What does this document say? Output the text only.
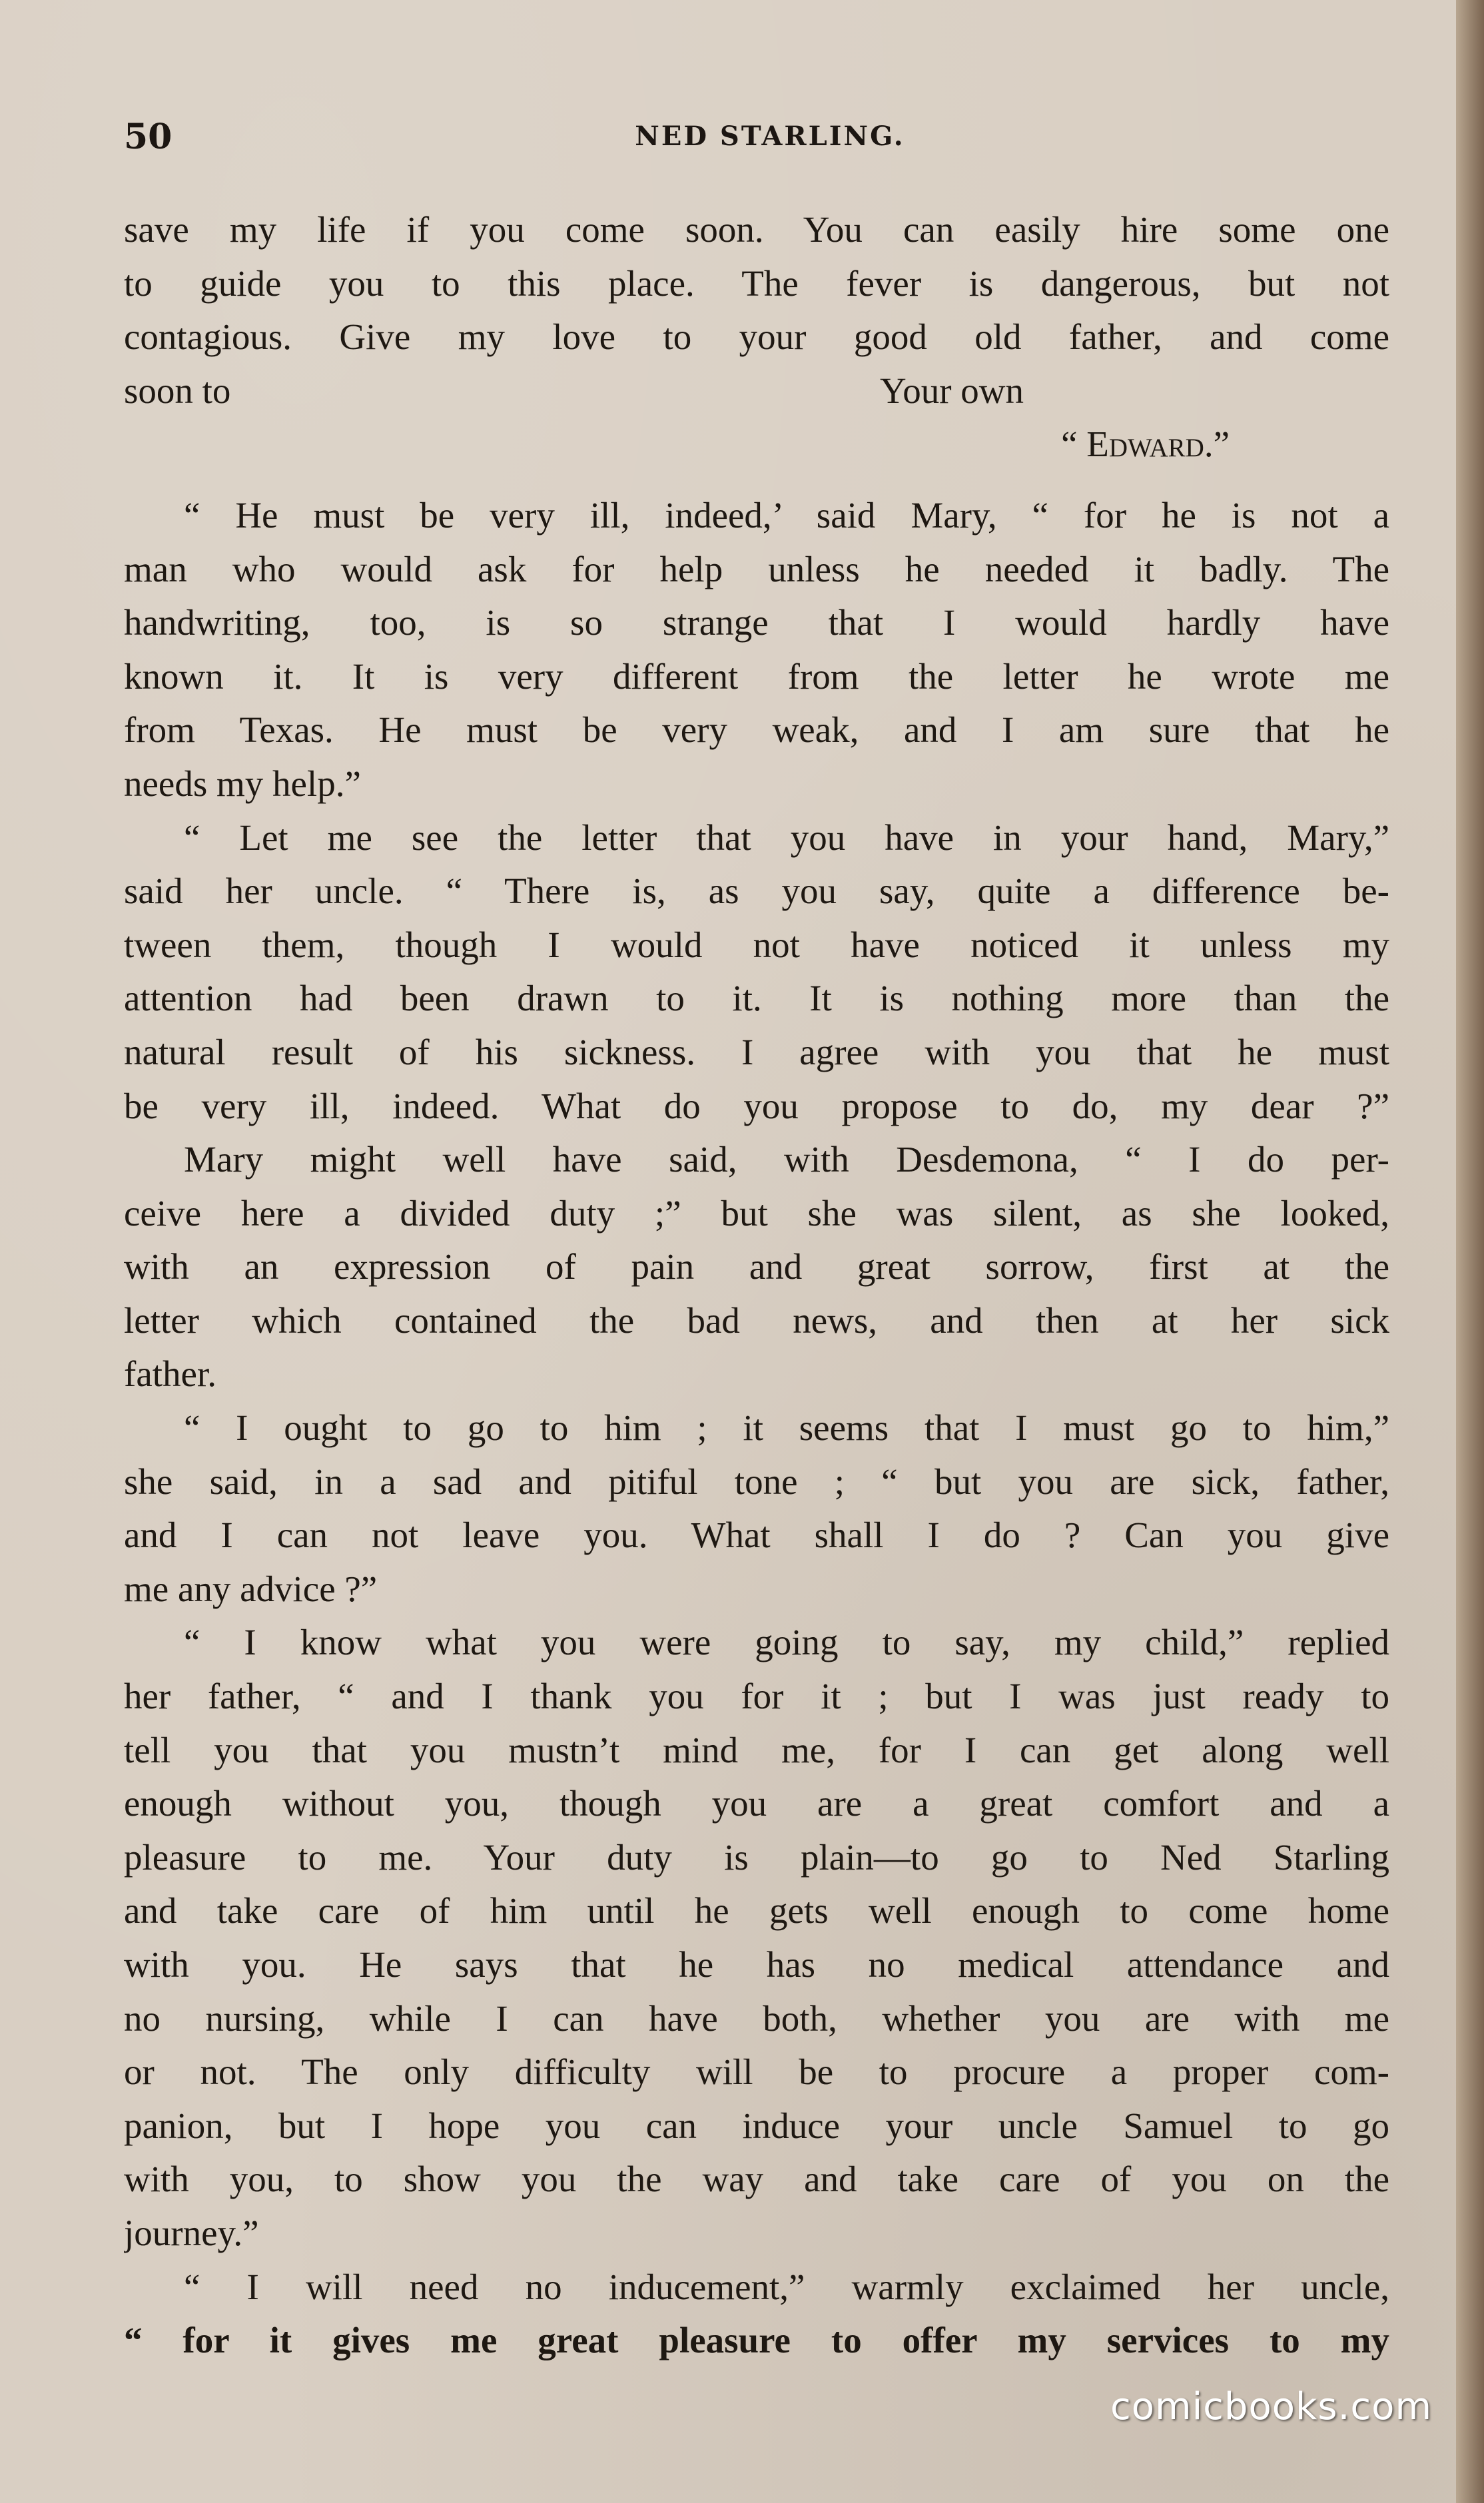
50	NED STARLING.
save my life if you come soon. You can easily hire some one
to guide you to this place. The fever is dangerous, but not
contagious. Give my love to your good old father, and come
soon to	Your own
“ Edward.”
“ He must be very ill, indeed,’ said Mary, “ for he is not a
man who would ask for help unless he needed it badly. The
handwriting, too, is so strange that I would hardly have
known it. It is very different from the letter he wrote me
from Texas. He must be very weak, and I am sure that he
needs my help.”
“ Let me see the letter that you have in your hand, Mary,”
said her uncle. “ There is, as you say, quite a difference be-
tween them, though I would not have noticed it unless my
attention had been drawn to it. It is nothing more than the
natural result of his sickness. I agree with you that he must
be very ill, indeed. What do you propose to do, my dear ?”
Mary might well have said, with Desdemona, “ I do per-
ceive here a divided duty ;” but she was silent, as she looked,
with an expression of pain and great sorrow, first at the
letter which contained the bad news, and then at her sick
father.
“ I ought to go to him ; it seems that I must go to him,”
she said, in a sad and pitiful tone ; “ but you are sick, father,
and I can not leave you. What shall I do ? Can you give
me any advice ?”
“ I know what you were going to say, my child,” replied
her father, “ and I thank you for it ; but I was just ready to
tell you that you mustn’t mind me, for I can get along well
enough without you, though you are a great comfort and a
pleasure to me. Your duty is plain—to go to Ned Starling
and take care of him until he gets well enough to come home
with you. He says that he has no medical attendance and
no nursing, while I can have both, whether you are with me
or not. The only difficulty will be to procure a proper com-
panion, but I hope you can induce your uncle Samuel to go
with you, to show you the way and take care of you on the
journey.”
“ I will need no inducement,” warmly exclaimed her uncle,
“ for it gives me great pleasure to offer my services to my
comicbooks.com
